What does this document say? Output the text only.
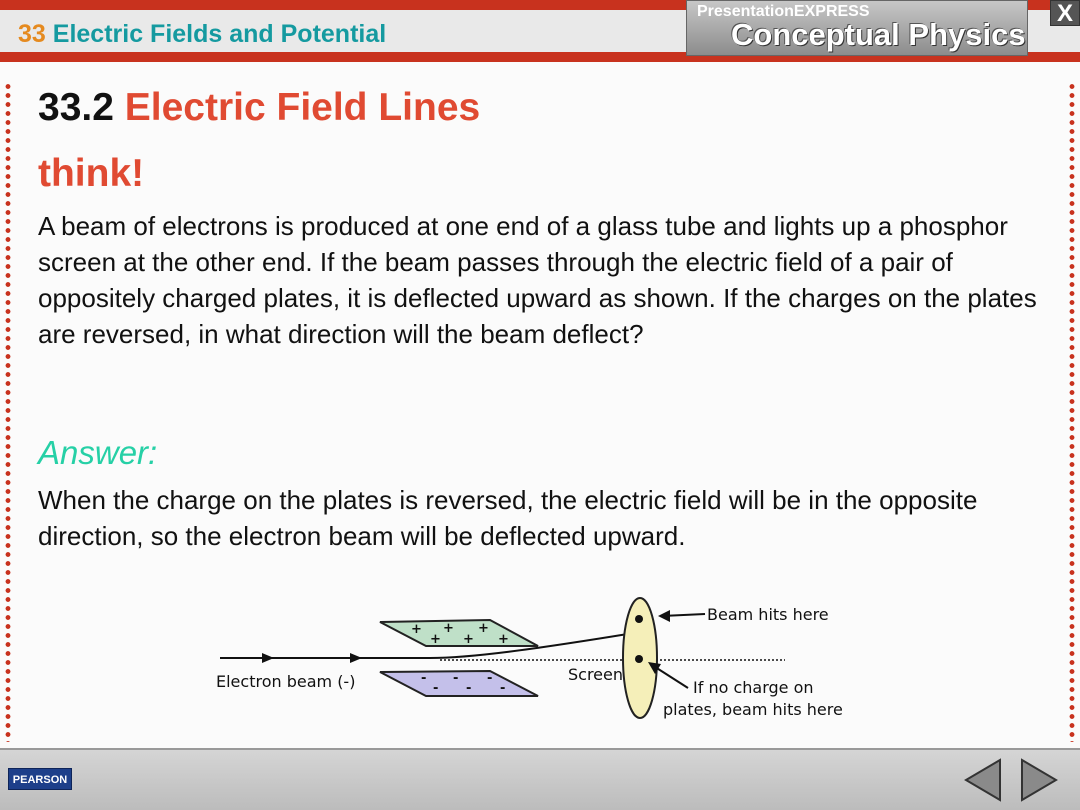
33 Electric Fields and Potential
PresentationEXPRESS
Conceptual Physics
X
33.2 Electric Field Lines
think!
A beam of electrons is produced at one end of a glass tube and lights up a phosphor screen at the other end. If the beam passes through the electric field of a pair of oppositely charged plates, it is deflected upward as shown. If the charges on the plates are reversed, in what direction will the beam deflect?
Answer:
When the charge on the plates is reversed, the electric field will be in the opposite direction, so the electron beam will be deflected upward.
+ + +
+ + +
- - -
- - -
Electron beam (-)	Screen
Beam hits here
If no charge on
plates, beam hits here
PEARSON
